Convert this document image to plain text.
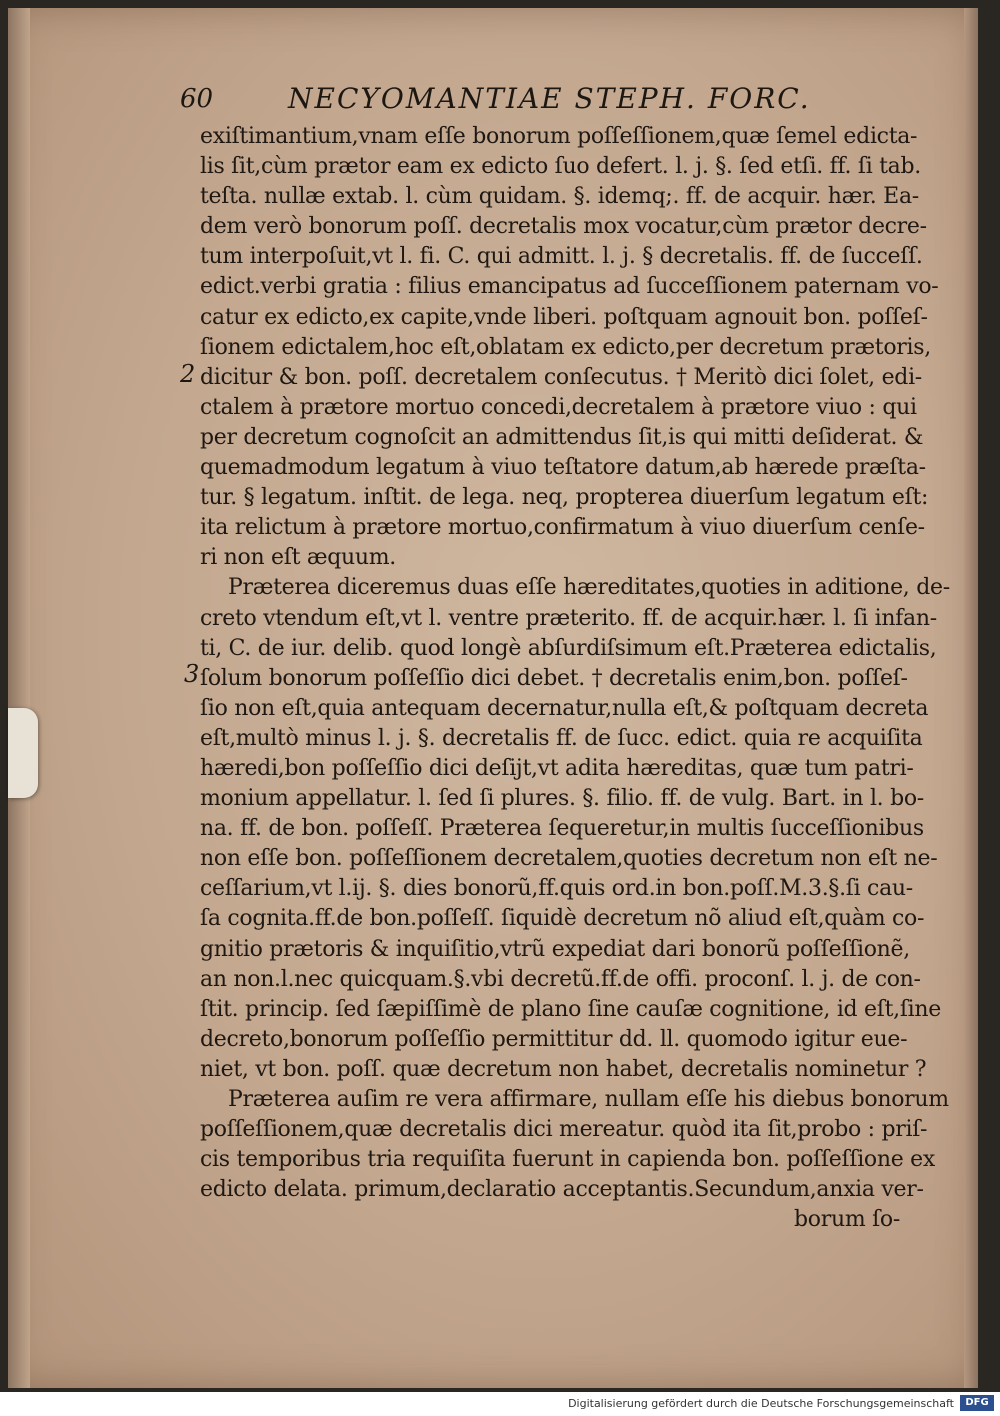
60	NECYOMANTIAE STEPH. FORC.
2
3
exiſtimantium,vnam eſſe bonorum poſſeſſionem,quæ ſemel edictа-
lis ſit,cùm prætor eam ex edicto ſuo defert. l. j. §. ſed etſi. ff. ſi tab.
teſta. nullæ extab. l. cùm quidam. §. idemq;. ff. de acquir. hær. Ea-
dem verò bonorum poſſ. decretalis mox vocatur,cùm prætor decre-
tum interpoſuit,vt l. fi. C. qui admitt. l. j. § decretalis. ff. de ſucceſſ.
edict.verbi gratia : filius emancipatus ad ſucceſſionem paternam vo-
catur ex edicto,ex capite,vnde liberi. poſtquam agnouit bon. poſſeſ-
ſionem edictalem,hoc eſt,oblatam ex edicto,per decretum prætoris,
dicitur & bon. poſſ. decretalem conſecutus. † Meritò dici ſolet, edi-
ctalem à prætore mortuo concedi,decretalem à prætore viuo : qui
per decretum cognoſcit an admittendus ſit,is qui mitti deſiderat. &
quemadmodum legatum à viuo teſtatore datum,ab hærede præſta-
tur. § legatum. inſtit. de lega. neq, propterea diuerſum legatum eſt:
ita relictum à prætore mortuo,confirmatum à viuo diuerſum cenſe-
ri non eſt æquum.
Præterea diceremus duas eſſe hæreditates,quoties in aditione, de-
creto vtendum eſt,vt l. ventre præterito. ff. de acquir.hær. l. ſi infan-
ti, C. de iur. delib. quod longè abſurdiſsimum eſt.Præterea edictalis,
ſolum bonorum poſſeſſio dici debet. † decretalis enim,bon. poſſeſ-
ſio non eſt,quia antequam decernatur,nulla eſt,& poſtquam decreta
eſt,multò minus l. j. §. decretalis ff. de ſucc. edict. quia re acquiſita
hæredi,bon poſſeſſio dici deſijt,vt adita hæreditas, quæ tum patri-
monium appellatur. l. ſed ſi plures. §. filio. ff. de vulg. Bart. in l. bo-
na. ff. de bon. poſſeſſ. Præterea ſequeretur,in multis ſucceſſionibus
non eſſe bon. poſſeſſionem decretalem,quoties decretum non eſt ne-
ceſſarium,vt l.ij. §. dies bonorũ,ff.quis ord.in bon.poſſ.M.3.§.ſi cau-
ſa cognita.ff.de bon.poſſeſſ. ſiquidè decretum nõ aliud eſt,quàm co-
gnitio prætoris & inquiſitio,vtrũ expediat dari bonorũ poſſeſſionẽ,
an non.l.nec quicquam.§.vbi decretũ.ff.de offi. proconſ. l. j. de con-
ſtit. princip. ſed ſæpiſſimè de plano ſine cauſæ cognitione, id eſt,ſine
decreto,bonorum poſſeſſio permittitur dd. ll. quomodo igitur eue-
niet, vt bon. poſſ. quæ decretum non habet, decretalis nominetur ?
Præterea auſim re vera affirmare, nullam eſſe his diebus bonorum
poſſeſſionem,quæ decretalis dici mereatur. quòd ita ſit,probo : priſ-
cis temporibus tria requiſita fuerunt in capienda bon. poſſeſſione ex
edicto delata. primum,declaratio acceptantis.Secundum,anxia ver-
borum ſo-
Digitalisierung gefördert durch die Deutsche Forschungsgemeinschaft	DFG
